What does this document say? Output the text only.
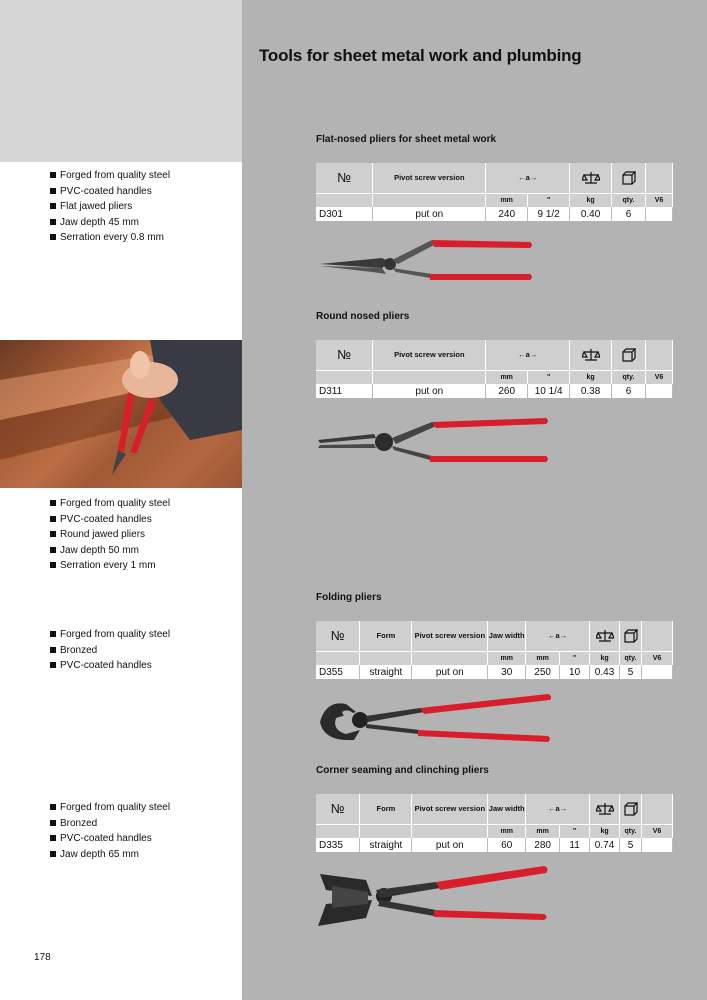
Tools for sheet metal work and plumbing
Forged from quality steel
PVC-coated handles
Flat jawed pliers
Jaw depth 45 mm
Serration every 0.8 mm
Forged from quality steel
PVC-coated handles
Round jawed pliers
Jaw depth 50 mm
Serration every 1 mm
Forged from quality steel
Bronzed
PVC-coated handles
Forged from quality steel
Bronzed
PVC-coated handles
Jaw depth 65 mm
Flat-nosed pliers for sheet metal work
№	Pivot screw version	←a→			
		mm	"	kg	qty.	V6
D301	put on	240	9 1/2	0.40	6	
Round nosed pliers
№	Pivot screw version	←a→			
		mm	"	kg	qty.	V6
D311	put on	260	10 1/4	0.38	6	
Folding pliers
№	Form	Pivot screw version	Jaw width	←a→			
			mm	mm	"	kg	qty.	V6
D355	straight	put on	30	250	10	0.43	5	
Corner seaming and clinching pliers
№	Form	Pivot screw version	Jaw width	←a→			
			mm	mm	"	kg	qty.	V6
D335	straight	put on	60	280	11	0.74	5	
178
